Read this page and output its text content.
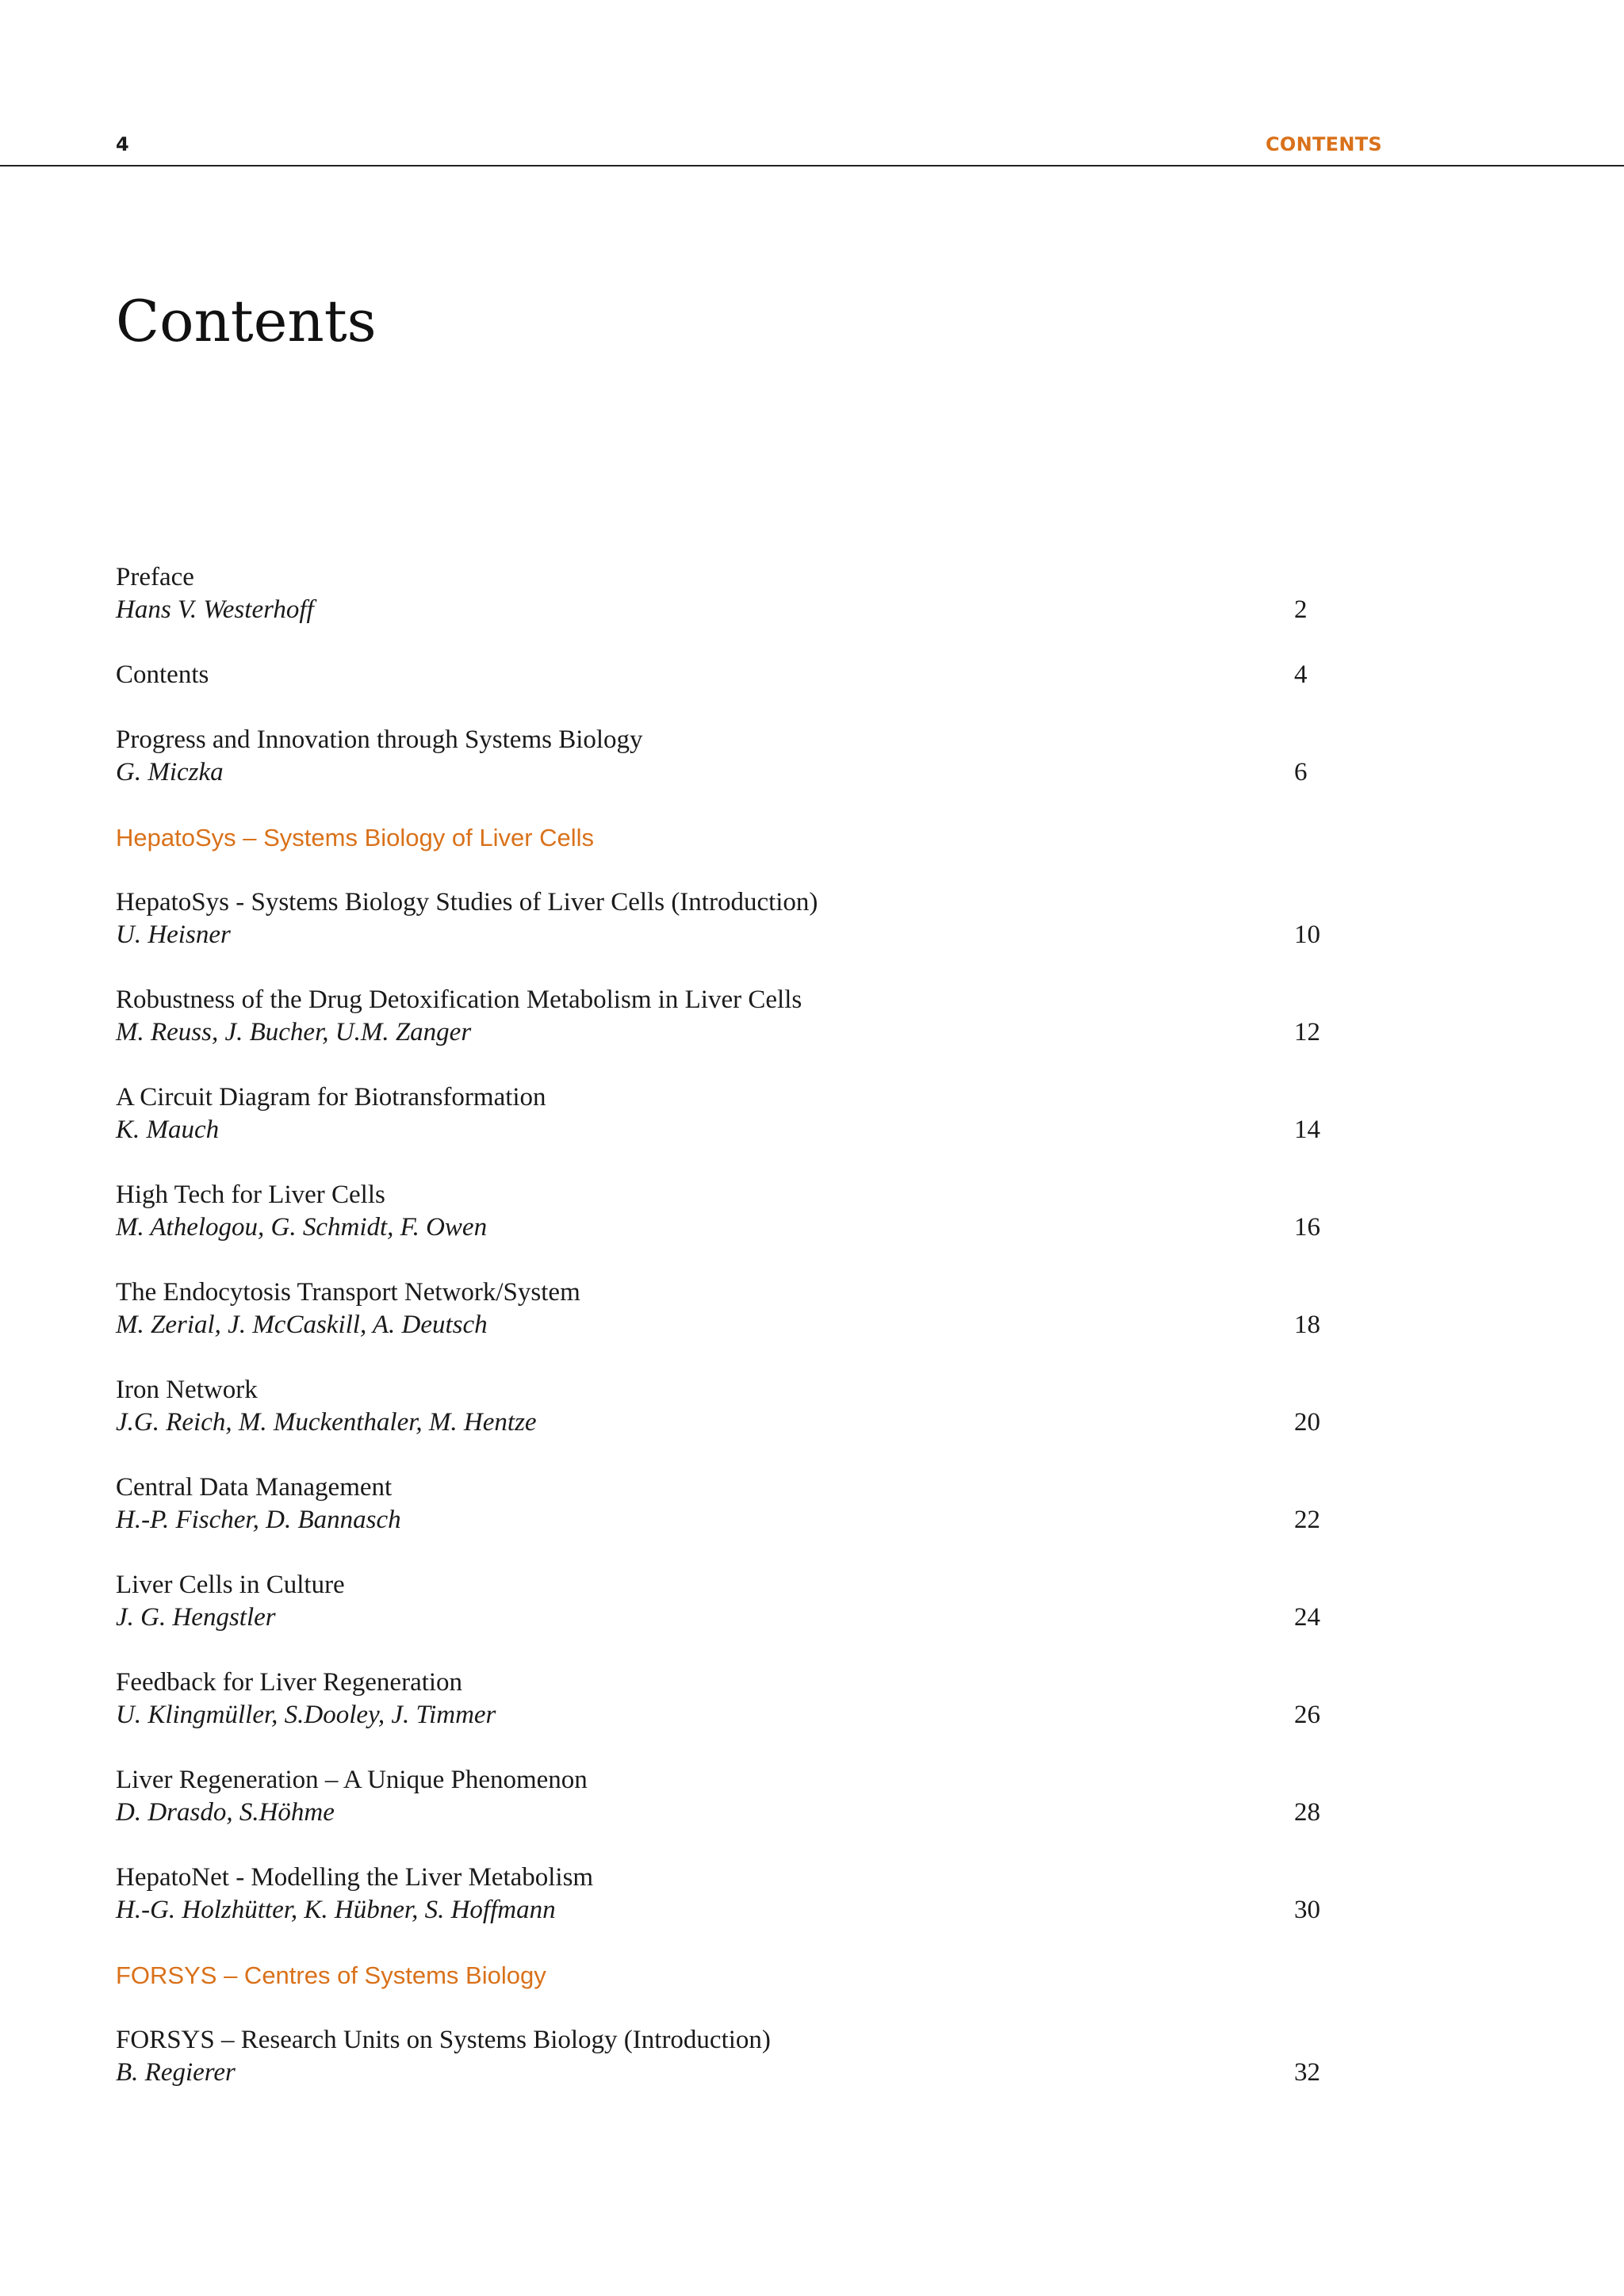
4	CONTENTS
Contents
Preface
Hans V. Westerhoff	2
Contents	4
Progress and Innovation through Systems Biology
G. Miczka	6
HepatoSys – Systems Biology of Liver Cells
HepatoSys - Systems Biology Studies of Liver Cells (Introduction)
U. Heisner	10
Robustness of the Drug Detoxification Metabolism in Liver Cells
M. Reuss, J. Bucher, U.M. Zanger	12
A Circuit Diagram for Biotransformation
K. Mauch	14
High Tech for Liver Cells
M. Athelogou, G. Schmidt, F. Owen	16
The Endocytosis Transport Network/System
M. Zerial, J. McCaskill, A. Deutsch	18
Iron Network
J.G. Reich, M. Muckenthaler, M. Hentze	20
Central Data Management
H.-P. Fischer, D. Bannasch	22
Liver Cells in Culture
J. G. Hengstler	24
Feedback for Liver Regeneration
U. Klingmüller, S.Dooley, J. Timmer	26
Liver Regeneration – A Unique Phenomenon
D. Drasdo, S.Höhme	28
HepatoNet - Modelling the Liver Metabolism
H.-G. Holzhütter, K. Hübner, S. Hoffmann	30
FORSYS – Centres of Systems Biology
FORSYS – Research Units on Systems Biology (Introduction)
B. Regierer	32
